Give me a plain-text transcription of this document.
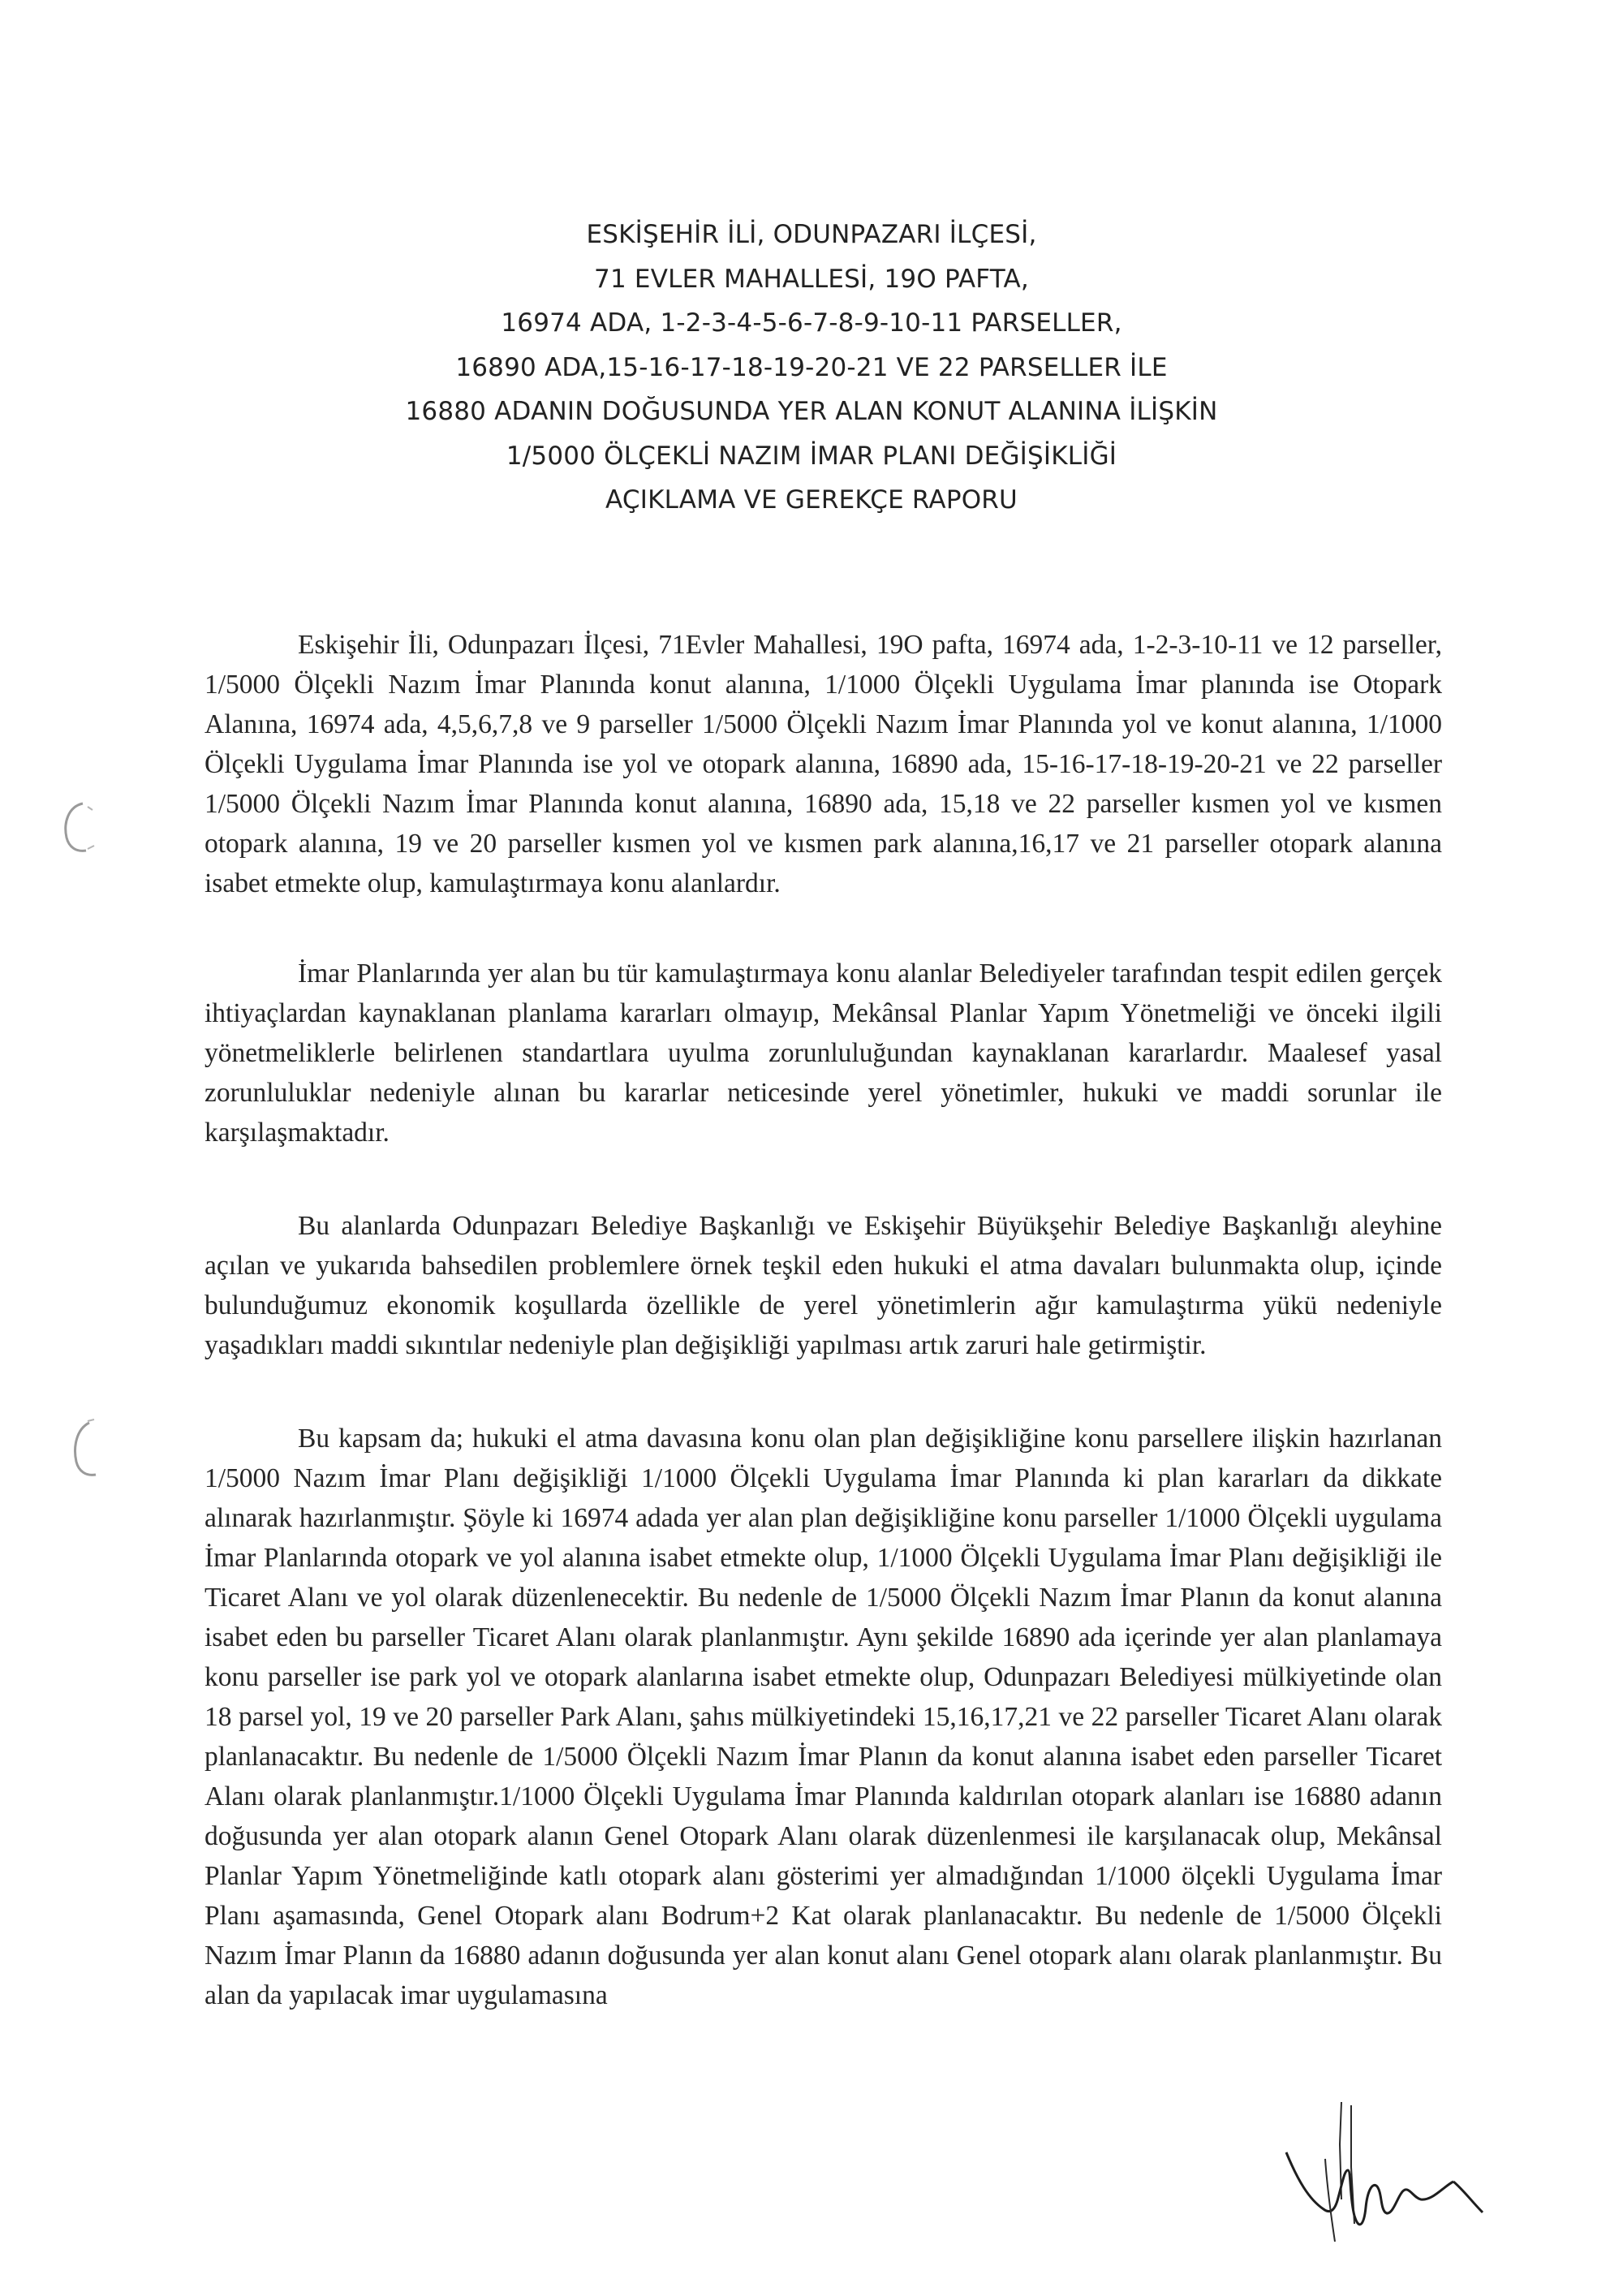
ESKİŞEHİR İLİ, ODUNPAZARI İLÇESİ,
71 EVLER MAHALLESİ, 19O PAFTA,
16974 ADA, 1-2-3-4-5-6-7-8-9-10-11 PARSELLER,
16890 ADA,15-16-17-18-19-20-21 VE 22 PARSELLER İLE
16880 ADANIN DOĞUSUNDA YER ALAN KONUT ALANINA İLİŞKİN
1/5000 ÖLÇEKLİ NAZIM İMAR PLANI DEĞİŞİKLİĞİ
AÇIKLAMA VE GEREKÇE RAPORU

Eskişehir İli, Odunpazarı İlçesi, 71Evler Mahallesi, 19O pafta, 16974 ada, 1-2-3-10-11 ve 12 parseller, 1/5000 Ölçekli Nazım İmar Planında konut alanına, 1/1000 Ölçekli Uygulama İmar planında ise Otopark Alanına, 16974 ada, 4,5,6,7,8 ve 9 parseller 1/5000 Ölçekli Nazım İmar Planında yol ve konut alanına, 1/1000 Ölçekli Uygulama İmar Planında ise yol ve otopark alanına, 16890 ada, 15-16-17-18-19-20-21 ve 22 parseller 1/5000 Ölçekli Nazım İmar Planında konut alanına, 16890 ada, 15,18 ve 22 parseller kısmen yol ve kısmen otopark alanına, 19 ve 20 parseller kısmen yol ve kısmen park alanına,16,17 ve 21 parseller otopark alanına isabet etmekte olup, kamulaştırmaya konu alanlardır.

İmar Planlarında yer alan bu tür kamulaştırmaya konu alanlar Belediyeler tarafından tespit edilen gerçek ihtiyaçlardan kaynaklanan planlama kararları olmayıp, Mekânsal Planlar Yapım Yönetmeliği ve önceki ilgili yönetmeliklerle belirlenen standartlara uyulma zorunluluğundan kaynaklanan kararlardır. Maalesef yasal zorunluluklar nedeniyle alınan bu kararlar neticesinde yerel yönetimler, hukuki ve maddi sorunlar ile karşılaşmaktadır.

Bu alanlarda Odunpazarı Belediye Başkanlığı ve Eskişehir Büyükşehir Belediye Başkanlığı aleyhine açılan ve yukarıda bahsedilen problemlere örnek teşkil eden hukuki el atma davaları bulunmakta olup, içinde bulunduğumuz ekonomik koşullarda özellikle de yerel yönetimlerin ağır kamulaştırma yükü nedeniyle yaşadıkları maddi sıkıntılar nedeniyle plan değişikliği yapılması artık zaruri hale getirmiştir.

Bu kapsam da; hukuki el atma davasına konu olan plan değişikliğine konu parsellere ilişkin hazırlanan 1/5000 Nazım İmar Planı değişikliği 1/1000 Ölçekli Uygulama İmar Planında ki plan kararları da dikkate alınarak hazırlanmıştır. Şöyle ki 16974 adada yer alan plan değişikliğine konu parseller 1/1000 Ölçekli uygulama İmar Planlarında otopark ve yol alanına isabet etmekte olup, 1/1000 Ölçekli Uygulama İmar Planı değişikliği ile Ticaret Alanı ve yol olarak düzenlenecektir. Bu nedenle de 1/5000 Ölçekli Nazım İmar Planın da konut alanına isabet eden bu parseller Ticaret Alanı olarak planlanmıştır. Aynı şekilde 16890 ada içerinde yer alan planlamaya konu parseller ise park yol ve otopark alanlarına isabet etmekte olup, Odunpazarı Belediyesi mülkiyetinde olan 18 parsel yol, 19 ve 20 parseller Park Alanı, şahıs mülkiyetindeki 15,16,17,21 ve 22 parseller Ticaret Alanı olarak planlanacaktır. Bu nedenle de 1/5000 Ölçekli Nazım İmar Planın da konut alanına isabet eden parseller Ticaret Alanı olarak planlanmıştır.1/1000 Ölçekli Uygulama İmar Planında kaldırılan otopark alanları ise 16880 adanın doğusunda yer alan otopark alanın Genel Otopark Alanı olarak düzenlenmesi ile karşılanacak olup, Mekânsal Planlar Yapım Yönetmeliğinde katlı otopark alanı gösterimi yer almadığından 1/1000 ölçekli Uygulama İmar Planı aşamasında, Genel Otopark alanı Bodrum+2 Kat olarak planlanacaktır. Bu nedenle de 1/5000 Ölçekli Nazım İmar Planın da 16880 adanın doğusunda yer alan konut alanı Genel otopark alanı olarak planlanmıştır. Bu alan da yapılacak imar uygulamasına
